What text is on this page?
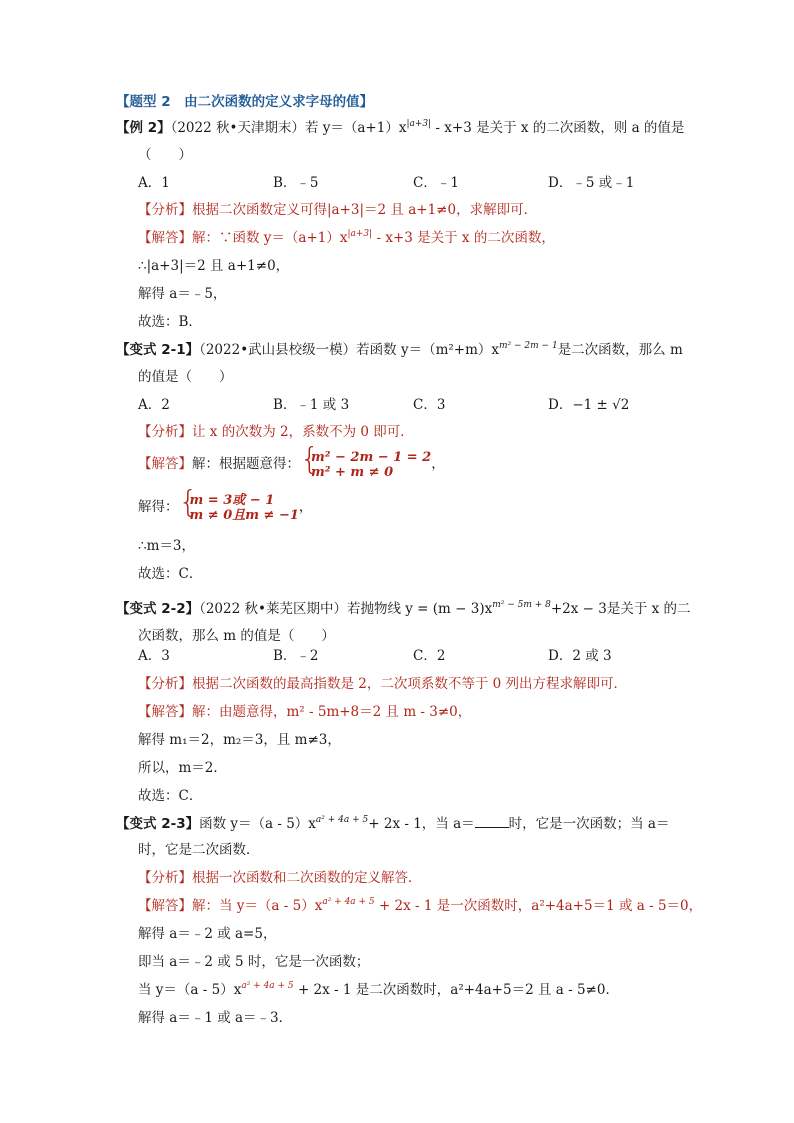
【题型 2　由二次函数的定义求字母的值】
【例 2】（2022 秋•天津期末）若 $y=(a+1)x^{|a+3|} - x+3$ 是关于 x 的二次函数，则 a 的值是
（　　）
A．1	B．﹣5	C．﹣1	D．﹣5 或﹣1
【分析】根据二次函数定义可得|a+3|＝2 且 a+1≠0，求解即可．
【解答】解：∵函数 $y=(a+1)x^{|a+3|} - x+3$ 是关于 x 的二次函数，
∴|a+3|＝2 且 a+1≠0，
解得 a＝﹣5，
故选：B．
【变式 2-1】（2022•武山县校级一模）若函数 $y=(m^2+m)x^{m^2 - 2m - 1}$是二次函数，那么 m
的值是（　　）
A．2	B．﹣1 或 3	C．3	D．−1 ± √2
【分析】让 x 的次数为 2，系数不为 0 即可．
【解答】解：根据题意得： { m² − 2m − 1 = 2
m² + m ≠ 0	，
解得： { m = 3或 − 1
m ≠ 0且m ≠ −1 ，
∴m＝3，
故选：C．
【变式 2-2】（2022 秋•莱芜区期中）若抛物线 $y = (m - 3)x^{m^2 - 5m + 8}+2x - 3$是关于 x 的二
次函数，那么 m 的值是（　　）
A．3	B．﹣2	C．2	D．2 或 3
【分析】根据二次函数的最高指数是 2，二次项系数不等于 0 列出方程求解即可．
【解答】解：由题意得，m² - 5m+8＝2 且 m - 3≠0，
解得 m₁＝2，m₂＝3，且 m≠3，
所以，m＝2．
故选：C．
【变式 2-3】函数 $y=(a - 5)x^{a^2 + 4a + 5}+ 2x - 1$，当 a＝	时，它是一次函数；当 a＝
时，它是二次函数．
【分析】根据一次函数和二次函数的定义解答．
【解答】解：当 $y=(a - 5)x^{a^2 + 4a + 5} + 2x - 1$ 是一次函数时，a²+4a+5＝1 或 a - 5＝0，
解得 a＝﹣2 或 a=5，
即当 a＝﹣2 或 5 时，它是一次函数；
当 $y=(a - 5)x^{a^2 + 4a + 5} + 2x - 1$ 是二次函数时，a²+4a+5＝2 且 a - 5≠0．
解得 a＝﹣1 或 a＝﹣3．
